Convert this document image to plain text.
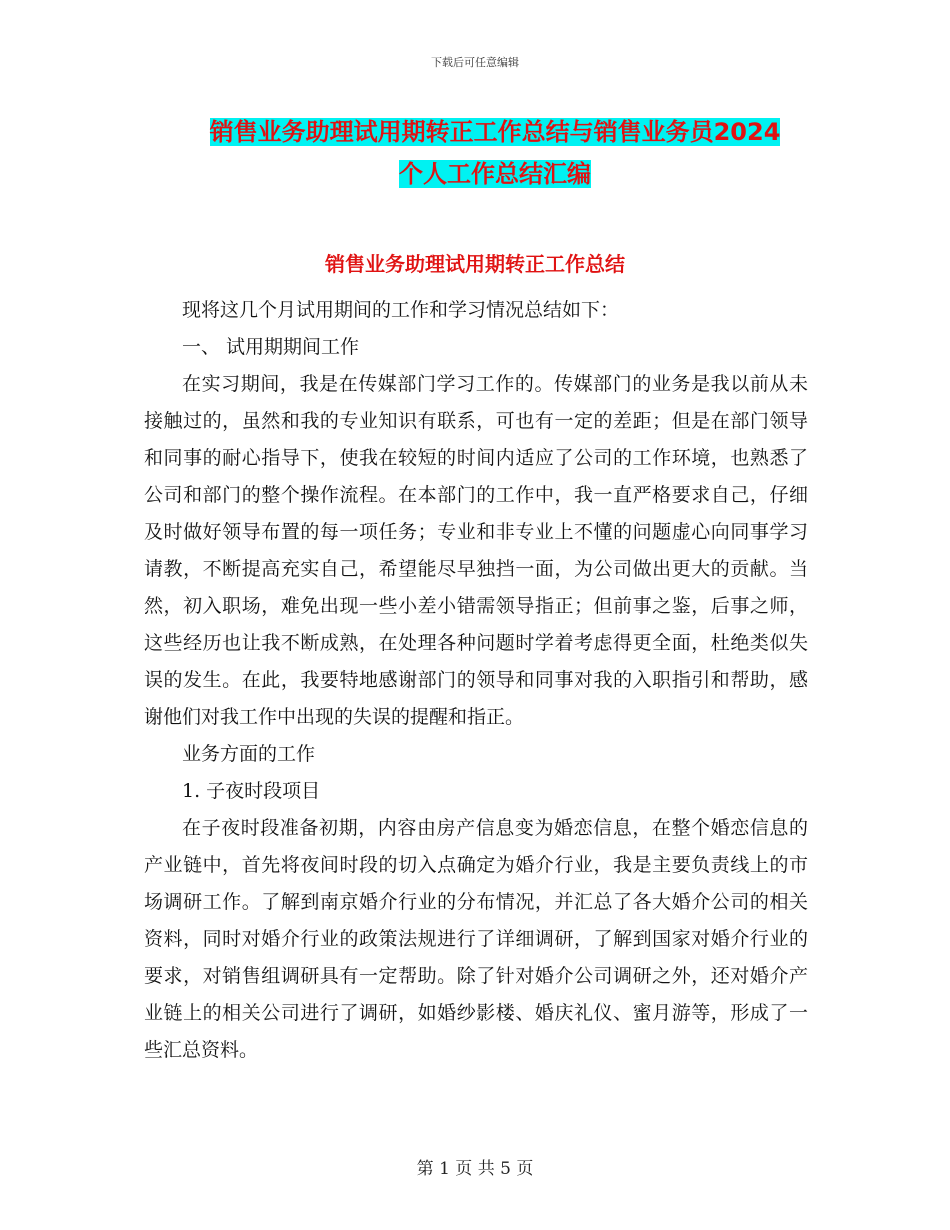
下载后可任意编辑
销售业务助理试用期转正工作总结与销售业务员2024
个人工作总结汇编
销售业务助理试用期转正工作总结

现将这几个月试用期间的工作和学习情况总结如下：

一、 试用期期间工作

在实习期间，我是在传媒部门学习工作的。传媒部门的业务是我以前从未接触过的，虽然和我的专业知识有联系，可也有一定的差距；但是在部门领导和同事的耐心指导下，使我在较短的时间内适应了公司的工作环境，也熟悉了公司和部门的整个操作流程。在本部门的工作中，我一直严格要求自己，仔细及时做好领导布置的每一项任务；专业和非专业上不懂的问题虚心向同事学习请教，不断提高充实自己，希望能尽早独挡一面，为公司做出更大的贡献。当然，初入职场，难免出现一些小差小错需领导指正；但前事之鉴，后事之师，这些经历也让我不断成熟，在处理各种问题时学着考虑得更全面，杜绝类似失误的发生。在此，我要特地感谢部门的领导和同事对我的入职指引和帮助，感谢他们对我工作中出现的失误的提醒和指正。

业务方面的工作

1. 子夜时段项目

在子夜时段准备初期，内容由房产信息变为婚恋信息，在整个婚恋信息的产业链中，首先将夜间时段的切入点确定为婚介行业，我是主要负责线上的市场调研工作。了解到南京婚介行业的分布情况，并汇总了各大婚介公司的相关资料，同时对婚介行业的政策法规进行了详细调研，了解到国家对婚介行业的要求，对销售组调研具有一定帮助。除了针对婚介公司调研之外，还对婚介产业链上的相关公司进行了调研，如婚纱影楼、婚庆礼仪、蜜月游等，形成了一些汇总资料。

第 1 页 共 5 页
